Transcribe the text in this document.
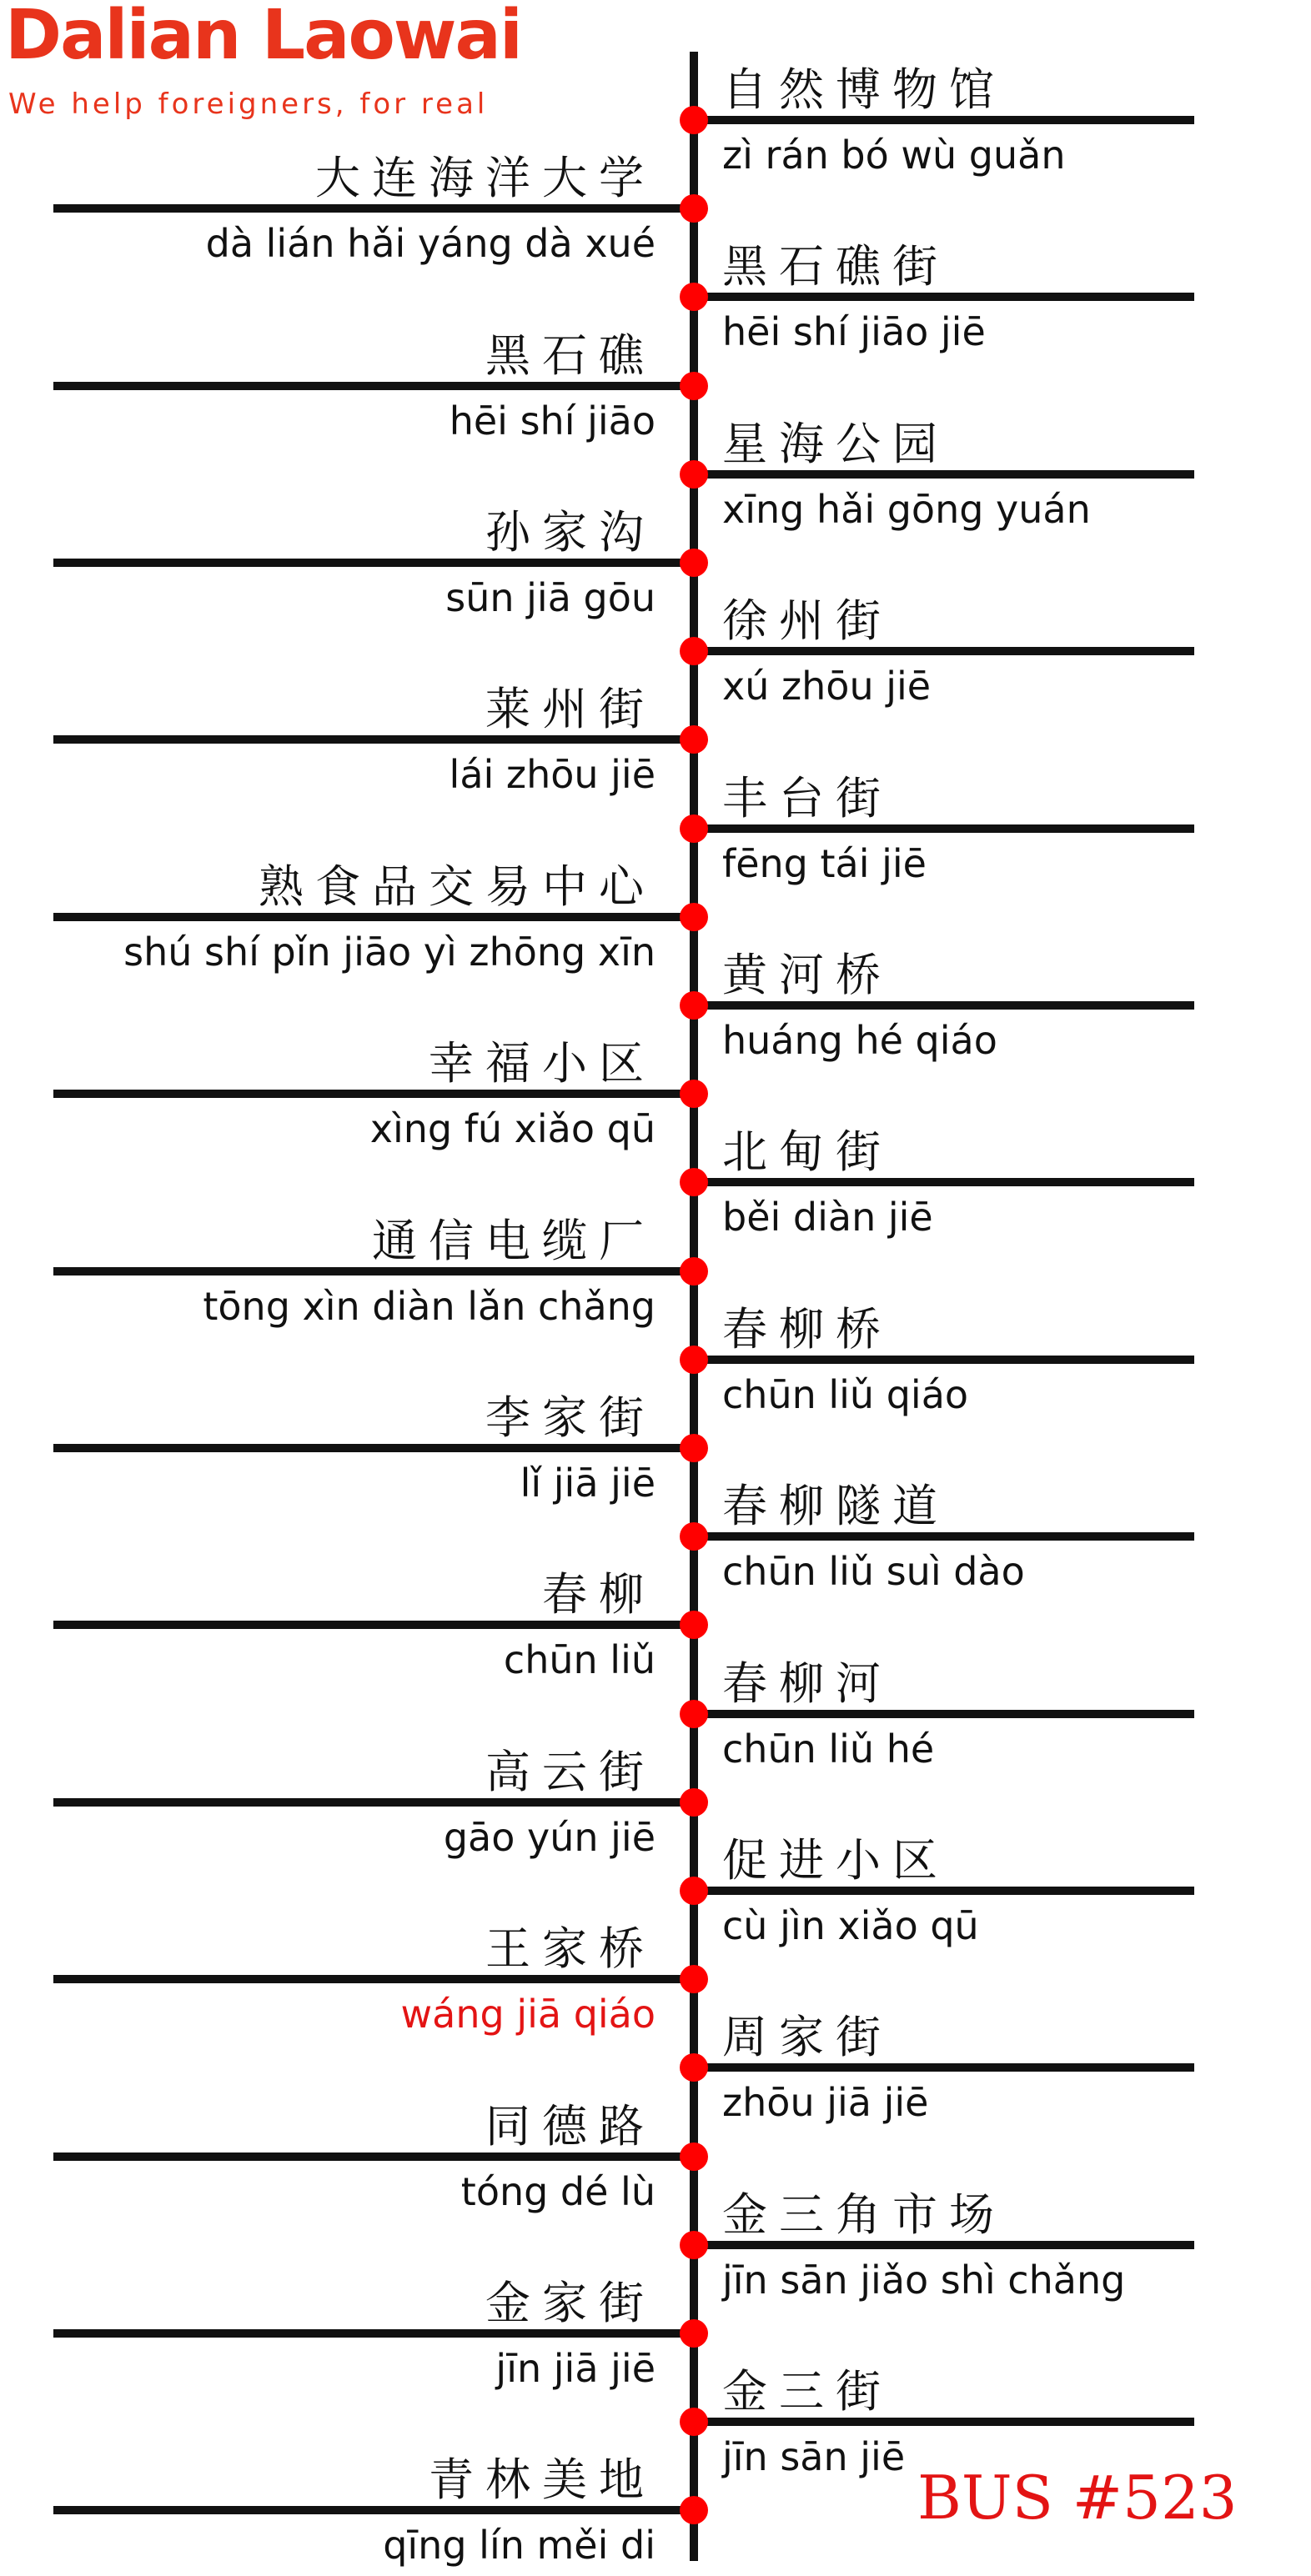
Dalian Laowai
We help foreigners, for real	自然博物馆
zì rán bó wù guǎn
大连海洋大学
dà lián hǎi yáng dà xué 黑石礁街
hēi shí jiāo jiē
黑石礁
hēi shí jiāo 星海公园
xīng hǎi gōng yuán
孙家沟
sūn jiā gōu 徐州街
xú zhōu jiē
莱州街
lái zhōu jiē 丰台街
fēng tái jiē
熟食品交易中心
shú shí pǐn jiāo yì zhōng xīn 黄河桥
huáng hé qiáo
幸福小区
xìng fú xiǎo qū 北甸街
běi diàn jiē
通信电缆厂
tōng xìn diàn lǎn chǎng 春柳桥
chūn liǔ qiáo
李家街
lǐ jiā jiē 春柳隧道
chūn liǔ suì dào
春柳
chūn liǔ 春柳河
chūn liǔ hé
高云街
gāo yún jiē 促进小区
cù jìn xiǎo qū
王家桥
wáng jiā qiáo 周家街
zhōu jiā jiē
同德路
tóng dé lù 金三角市场
jīn sān jiǎo shì chǎng
金家街
jīn jiā jiē 金三街
jīn sān jiē
青林美地
qīng lín měi di
BUS #523
